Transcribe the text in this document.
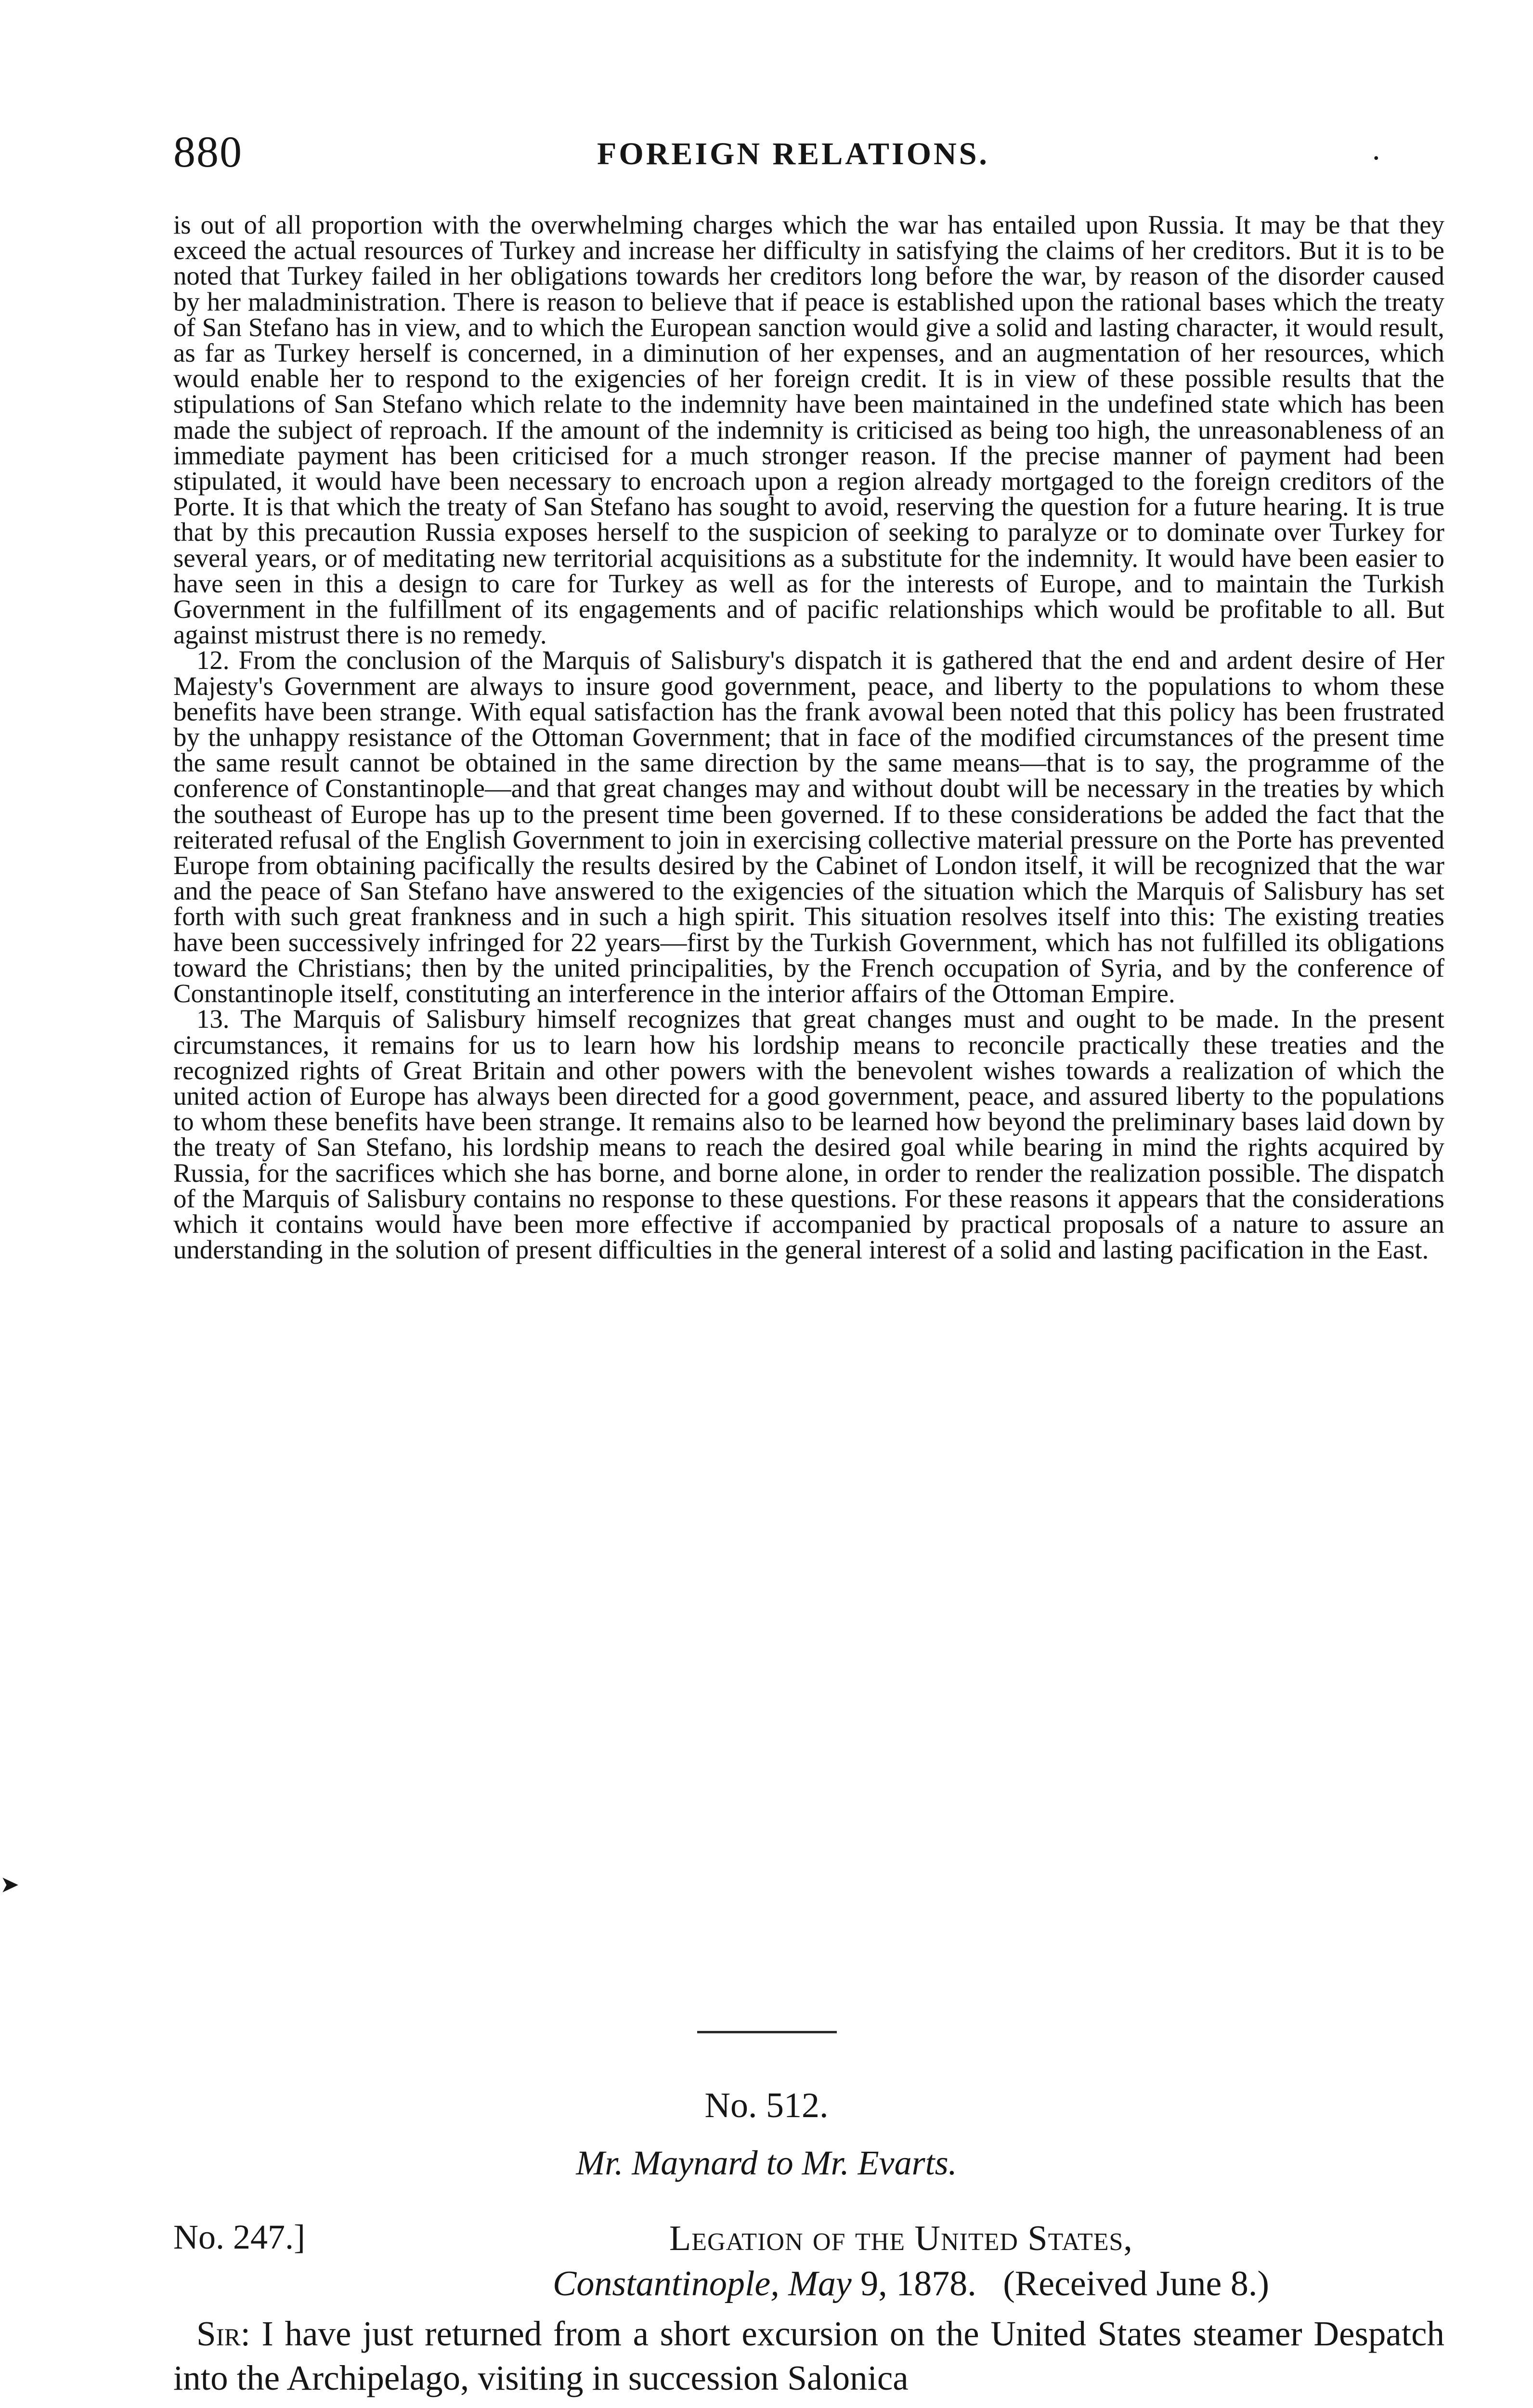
880	FOREIGN RELATIONS.	.

is out of all proportion with the overwhelming charges which the war has entailed upon Russia. It may be that they exceed the actual resources of Turkey and increase her difficulty in satisfying the claims of her creditors. But it is to be noted that Turkey failed in her obligations towards her creditors long before the war, by reason of the disorder caused by her maladministration. There is reason to believe that if peace is established upon the rational bases which the treaty of San Stefano has in view, and to which the European sanction would give a solid and lasting character, it would result, as far as Turkey herself is concerned, in a diminution of her expenses, and an augmentation of her resources, which would enable her to respond to the exigencies of her foreign credit. It is in view of these possible results that the stipulations of San Stefano which relate to the indemnity have been maintained in the undefined state which has been made the subject of reproach. If the amount of the indemnity is criticised as being too high, the unreasonableness of an immediate payment has been criticised for a much stronger reason. If the precise manner of payment had been stipulated, it would have been necessary to encroach upon a region already mortgaged to the foreign creditors of the Porte. It is that which the treaty of San Stefano has sought to avoid, reserving the question for a future hearing. It is true that by this precaution Russia exposes herself to the suspicion of seeking to paralyze or to dominate over Turkey for several years, or of meditating new territorial acquisitions as a substitute for the indemnity. It would have been easier to have seen in this a design to care for Turkey as well as for the interests of Europe, and to maintain the Turkish Government in the fulfillment of its engagements and of pacific relationships which would be profitable to all. But against mistrust there is no remedy.

12. From the conclusion of the Marquis of Salisbury's dispatch it is gathered that the end and ardent desire of Her Majesty's Government are always to insure good government, peace, and liberty to the populations to whom these benefits have been strange. With equal satisfaction has the frank avowal been noted that this policy has been frustrated by the unhappy resistance of the Ottoman Government; that in face of the modified circumstances of the present time the same result cannot be obtained in the same direction by the same means—that is to say, the programme of the conference of Constantinople—and that great changes may and without doubt will be necessary in the treaties by which the southeast of Europe has up to the present time been governed. If to these considerations be added the fact that the reiterated refusal of the English Government to join in exercising collective material pressure on the Porte has prevented Europe from obtaining pacifically the results desired by the Cabinet of London itself, it will be recognized that the war and the peace of San Stefano have answered to the exigencies of the situation which the Marquis of Salisbury has set forth with such great frankness and in such a high spirit. This situation resolves itself into this: The existing treaties have been successively infringed for 22 years—first by the Turkish Government, which has not fulfilled its obligations toward the Christians; then by the united principalities, by the French occupation of Syria, and by the conference of Constantinople itself, constituting an interference in the interior affairs of the Ottoman Empire.

13. The Marquis of Salisbury himself recognizes that great changes must and ought to be made. In the present circumstances, it remains for us to learn how his lordship means to reconcile practically these treaties and the recognized rights of Great Britain and other powers with the benevolent wishes towards a realization of which the united action of Europe has always been directed for a good government, peace, and assured liberty to the populations to whom these benefits have been strange. It remains also to be learned how beyond the preliminary bases laid down by the treaty of San Stefano, his lordship means to reach the desired goal while bearing in mind the rights acquired by Russia, for the sacrifices which she has borne, and borne alone, in order to render the realization possible. The dispatch of the Marquis of Salisbury contains no response to these questions. For these reasons it appears that the considerations which it contains would have been more effective if accompanied by practical proposals of a nature to assure an understanding in the solution of present difficulties in the general interest of a solid and lasting pacification in the East.

➤
No. 512.
Mr. Maynard to Mr. Evarts.
No. 247.]	Legation of the United States,
Constantinople, May 9, 1878. (Received June 8.)

Sir: I have just returned from a short excursion on the United States steamer Despatch into the Archipelago, visiting in succession Salonica
